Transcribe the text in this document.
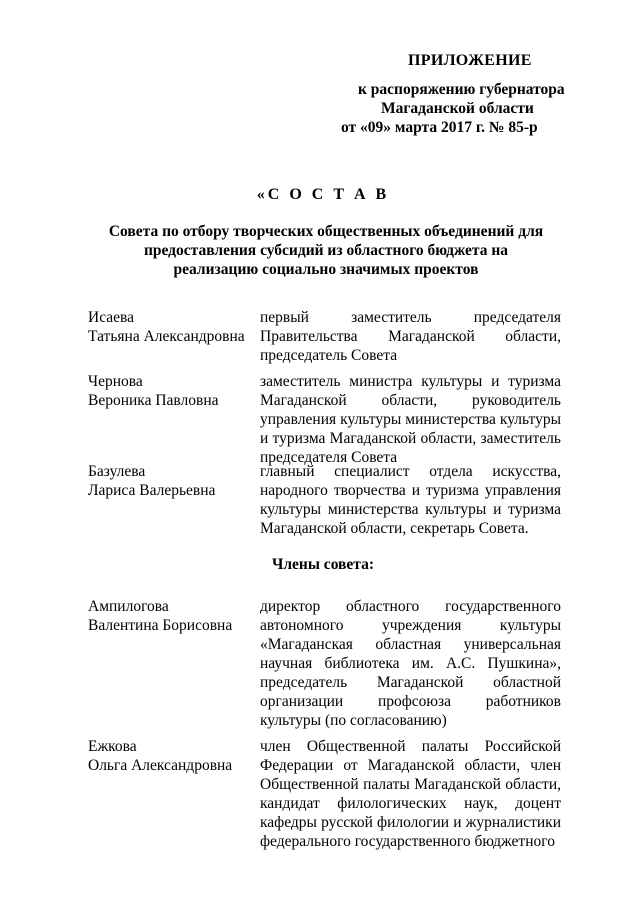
ПРИЛОЖЕНИЕ
к распоряжению губернатора
Магаданской области
от «09» марта 2017 г. № 85-р
«С О С Т А В
Совета по отбору творческих общественных объединений для предоставления субсидий из областного бюджета на реализацию социально значимых проектов
Исаева
Татьяна Александровна
первый заместитель председателя Правительства Магаданской области, председатель Совета
Чернова
Вероника Павловна
заместитель министра культуры и туризма Магаданской области, руководитель управления культуры министерства культуры и туризма Магаданской области, заместитель председателя Совета
Базулева
Лариса Валерьевна
главный специалист отдела искусства, народного творчества и туризма управления культуры министерства культуры и туризма Магаданской области, секретарь Совета.
Члены совета:
Ампилогова
Валентина Борисовна
директор областного государственного автономного учреждения культуры «Магаданская областная универсальная научная библиотека им. А.С. Пушкина», председатель Магаданской областной организации профсоюза работников культуры (по согласованию)
Ежкова
Ольга Александровна
член Общественной палаты Российской Федерации от Магаданской области, член Общественной палаты Магаданской области, кандидат филологических наук, доцент кафедры русской филологии и журналистики федерального государственного бюджетного
